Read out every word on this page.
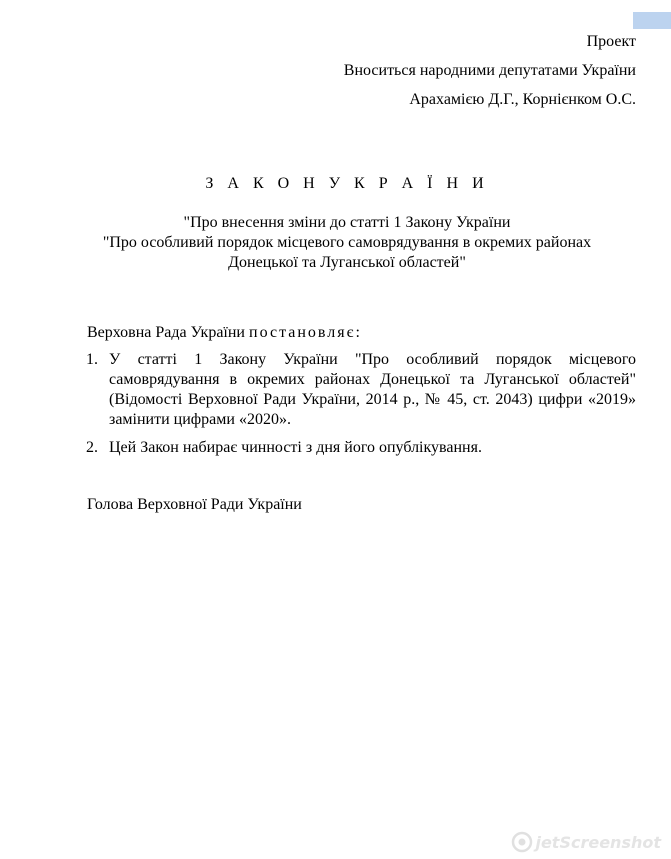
Проект
Вноситься народними депутатами України
Арахамією Д.Г., Корнієнком О.С.
З А К О Н У К Р А Ї Н И
"Про внесення зміни до статті 1 Закону України
"Про особливий порядок місцевого самоврядування в окремих районах
Донецької та Луганської областей"
Верховна Рада України постановляє:
1. У статті 1 Закону України "Про особливий порядок місцевого самоврядування в окремих районах Донецької та Луганської областей" (Відомості Верховної Ради України, 2014 р., № 45, ст. 2043) цифри «2019» замінити цифрами «2020».
2. Цей Закон набирає чинності з дня його опублікування.
Голова Верховної Ради України
jetScreenshot
